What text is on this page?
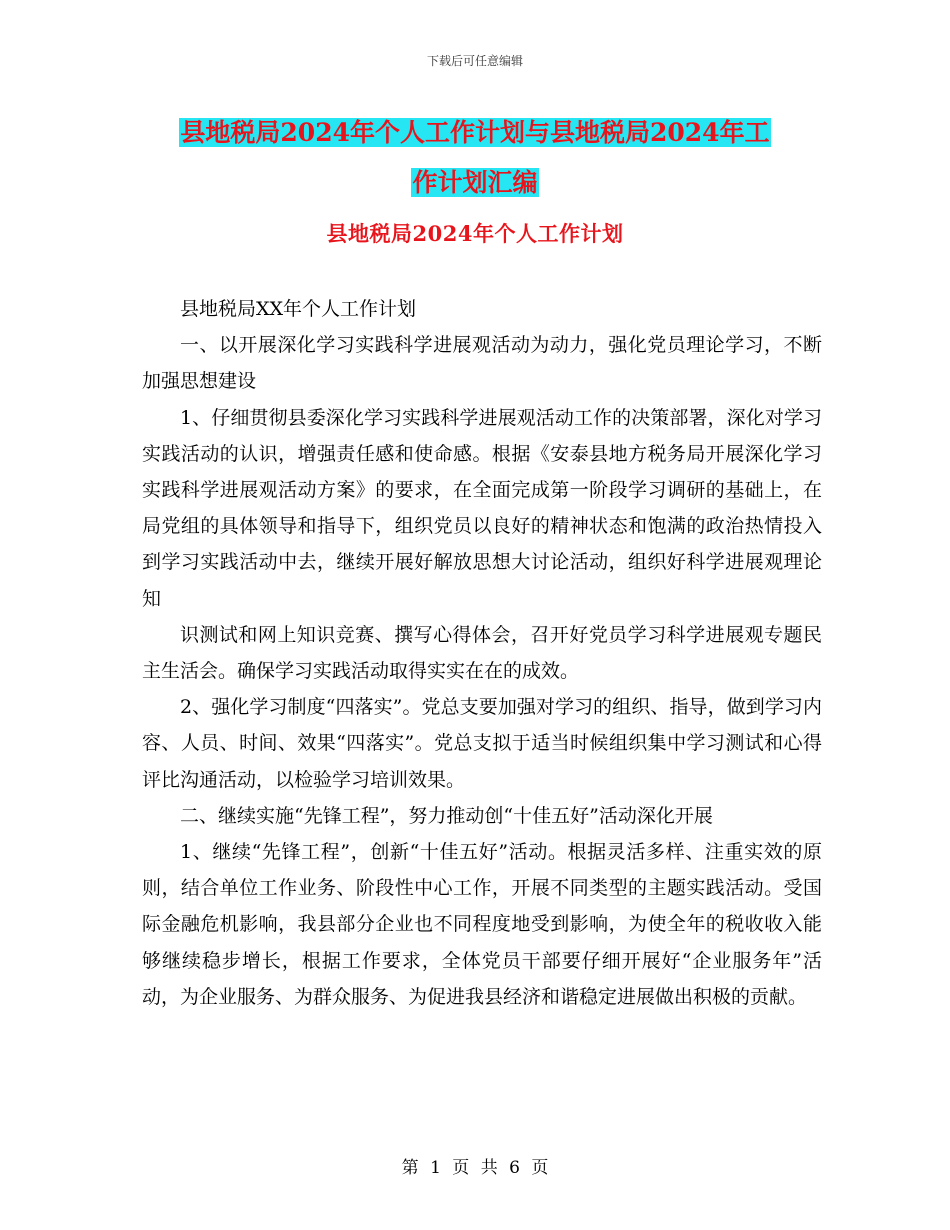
下载后可任意编辑
县地税局2024年个人工作计划与县地税局2024年工
作计划汇编
县地税局2024年个人工作计划

县地税局XX年个人工作计划

一、以开展深化学习实践科学进展观活动为动力，强化党员理论学习，不断加强思想建设

1、仔细贯彻县委深化学习实践科学进展观活动工作的决策部署，深化对学习实践活动的认识，增强责任感和使命感。根据《安泰县地方税务局开展深化学习实践科学进展观活动方案》的要求，在全面完成第一阶段学习调研的基础上，在局党组的具体领导和指导下，组织党员以良好的精神状态和饱满的政治热情投入到学习实践活动中去，继续开展好解放思想大讨论活动，组织好科学进展观理论知

识测试和网上知识竞赛、撰写心得体会，召开好党员学习科学进展观专题民主生活会。确保学习实践活动取得实实在在的成效。

2、强化学习制度“四落实”。党总支要加强对学习的组织、指导，做到学习内容、人员、时间、效果“四落实”。党总支拟于适当时候组织集中学习测试和心得评比沟通活动，以检验学习培训效果。

二、继续实施“先锋工程”，努力推动创“十佳五好”活动深化开展

1、继续“先锋工程”，创新“十佳五好”活动。根据灵活多样、注重实效的原则，结合单位工作业务、阶段性中心工作，开展不同类型的主题实践活动。受国际金融危机影响，我县部分企业也不同程度地受到影响，为使全年的税收收入能够继续稳步增长，根据工作要求，全体党员干部要仔细开展好“企业服务年”活动，为企业服务、为群众服务、为促进我县经济和谐稳定进展做出积极的贡献。

第 1 页 共 6 页
